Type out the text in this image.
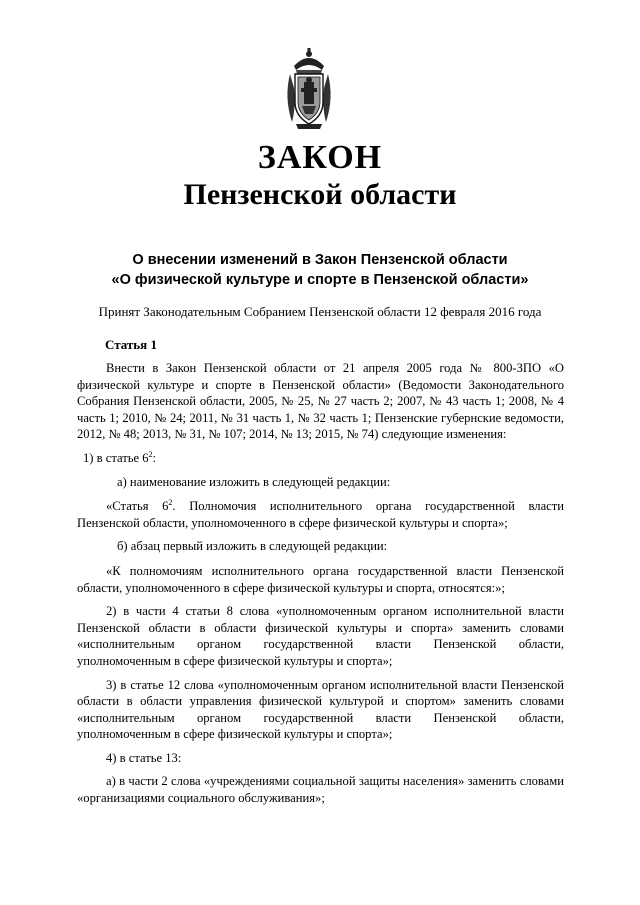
ЗАКОН
Пензенской области
О внесении изменений в Закон Пензенской области
«О физической культуре и спорте в Пензенской области»
Принят Законодательным Собранием Пензенской области 12 февраля 2016 года
Статья 1

Внести в Закон Пензенской области от 21 апреля 2005 года № 800-ЗПО «О физической культуре и спорте в Пензенской области» (Ведомости Законодательного Собрания Пензенской области, 2005, № 25, № 27 часть 2; 2007, № 43 часть 1; 2008, № 4 часть 1; 2010, № 24; 2011, № 31 часть 1, № 32 часть 1; Пензенские губернские ведомости, 2012, № 48; 2013, № 31, № 107; 2014, № 13; 2015, № 74) следующие изменения:

1) в статье $6^2$:

а) наименование изложить в следующей редакции:

«Статья $6^2$. Полномочия исполнительного органа государственной власти Пензенской области, уполномоченного в сфере физической культуры и спорта»;

б) абзац первый изложить в следующей редакции:

«К полномочиям исполнительного органа государственной власти Пензенской области, уполномоченного в сфере физической культуры и спорта, относятся:»;

2) в части 4 статьи 8 слова «уполномоченным органом исполнительной власти Пензенской области в области физической культуры и спорта» заменить словами «исполнительным органом государственной власти Пензенской области, уполномоченным в сфере физической культуры и спорта»;

3) в статье 12 слова «уполномоченным органом исполнительной власти Пензенской области в области управления физической культурой и спортом» заменить словами «исполнительным органом государственной власти Пензенской области, уполномоченным в сфере физической культуры и спорта»;

4) в статье 13:

а) в части 2 слова «учреждениями социальной защиты населения» заменить словами «организациями социального обслуживания»;
